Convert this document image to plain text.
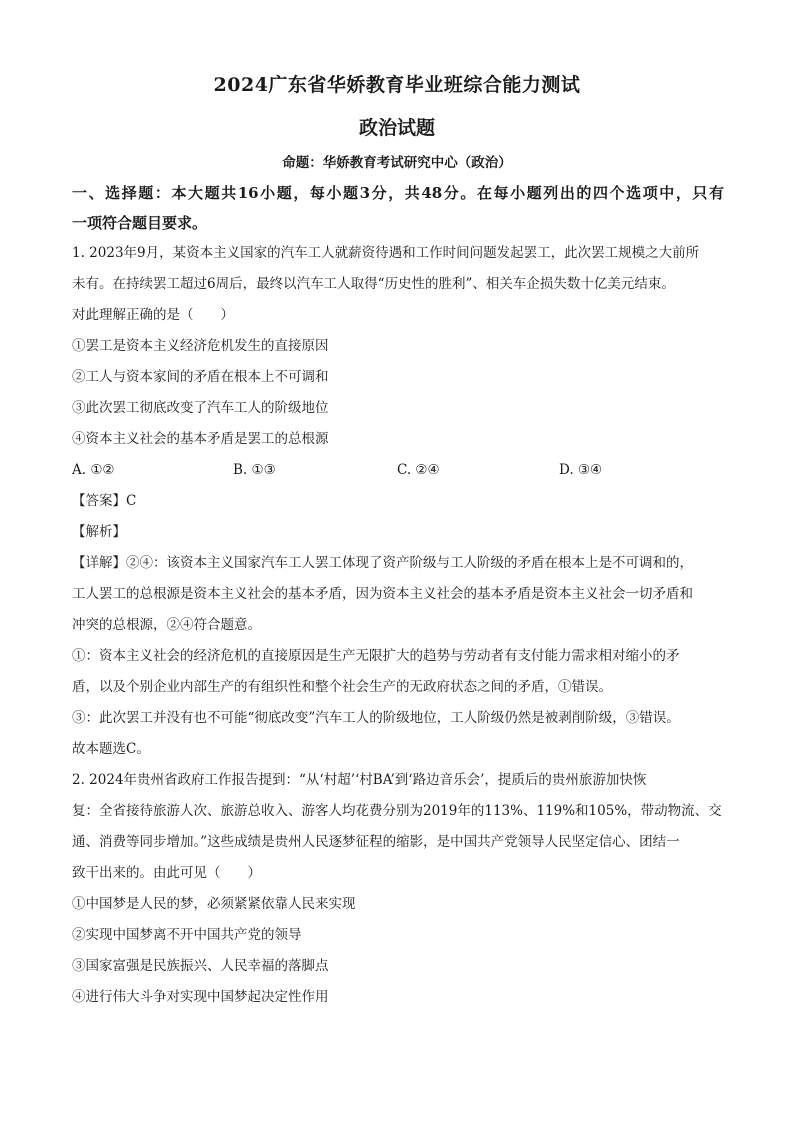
2024广东省华娇教育毕业班综合能力测试
政治试题
命题：华娇教育考试研究中心（政治）
一、选择题：本大题共16小题，每小题3分，共48分。在每小题列出的四个选项中，只有
一项符合题目要求。
1. 2023年9月，某资本主义国家的汽车工人就薪资待遇和工作时间问题发起罢工，此次罢工规模之大前所
未有。在持续罢工超过6周后，最终以汽车工人取得“历史性的胜利”、相关车企损失数十亿美元结束。
对此理解正确的是（　　）
①罢工是资本主义经济危机发生的直接原因
②工人与资本家间的矛盾在根本上不可调和
③此次罢工彻底改变了汽车工人的阶级地位
④资本主义社会的基本矛盾是罢工的总根源
A. ①②	B. ①③	C. ②④	D. ③④
【答案】C
【解析】
【详解】②④：该资本主义国家汽车工人罢工体现了资产阶级与工人阶级的矛盾在根本上是不可调和的，
工人罢工的总根源是资本主义社会的基本矛盾，因为资本主义社会的基本矛盾是资本主义社会一切矛盾和
冲突的总根源，②④符合题意。
①：资本主义社会的经济危机的直接原因是生产无限扩大的趋势与劳动者有支付能力需求相对缩小的矛
盾，以及个别企业内部生产的有组织性和整个社会生产的无政府状态之间的矛盾，①错误。
③：此次罢工并没有也不可能“彻底改变”汽车工人的阶级地位，工人阶级仍然是被剥削阶级，③错误。
故本题选C。
2. 2024年贵州省政府工作报告提到：“从‘村超’‘村BA’到‘路边音乐会’，提质后的贵州旅游加快恢
复：全省接待旅游人次、旅游总收入、游客人均花费分别为2019年的113%、119%和105%，带动物流、交
通、消费等同步增加。”这些成绩是贵州人民逐梦征程的缩影，是中国共产党领导人民坚定信心、团结一
致干出来的。由此可见（　　）
①中国梦是人民的梦，必须紧紧依靠人民来实现
②实现中国梦离不开中国共产党的领导
③国家富强是民族振兴、人民幸福的落脚点
④进行伟大斗争对实现中国梦起决定性作用
